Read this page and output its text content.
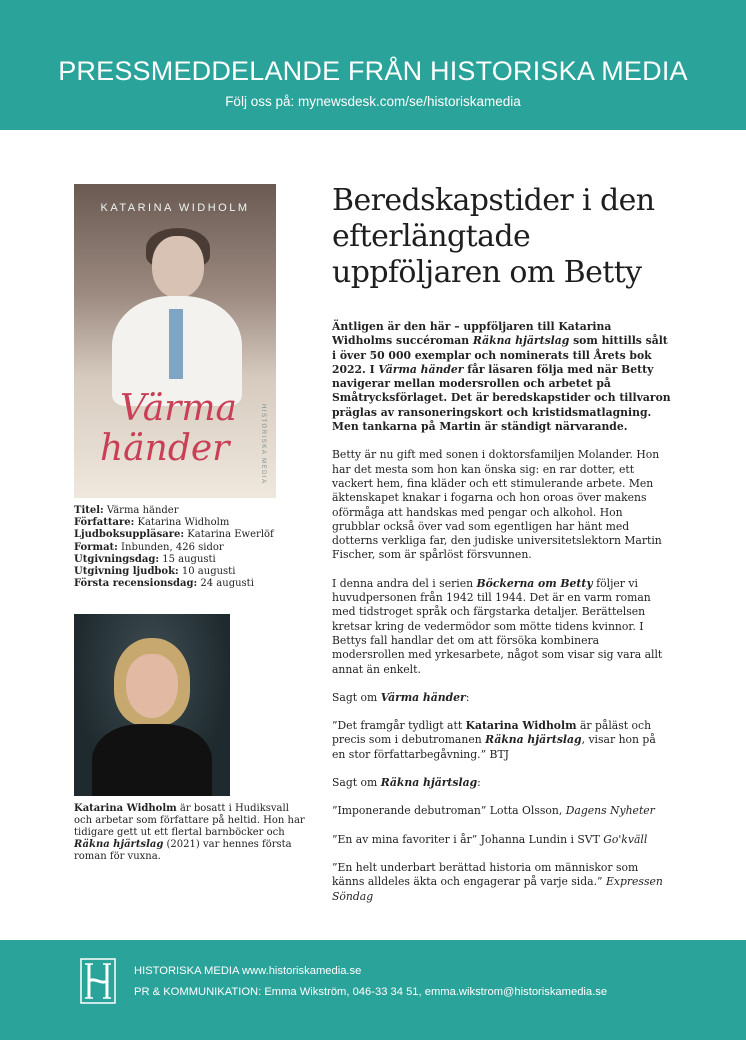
PRESSMEDDELANDE FRÅN HISTORISKA MEDIA
Följ oss på: mynewsdesk.com/se/historiskamedia
KATARINA WIDHOLM
Värma
händer	HISTORISKA MEDIA
Titel: Värma händer
Författare: Katarina Widholm
Ljudboksuppläsare: Katarina Ewerlöf
Format: Inbunden, 426 sidor
Utgivningsdag: 15 augusti
Utgivning ljudbok: 10 augusti
Första recensionsdag: 24 augusti
Katarina Widholm är bosatt i Hudiksvall och arbetar som författare på heltid. Hon har tidigare gett ut ett flertal barnböcker och Räkna hjärtslag (2021) var hennes första roman för vuxna.
Beredskapstider i den efterlängtade uppföljaren om Betty

Äntligen är den här – uppföljaren till Katarina Widholms succéroman Räkna hjärtslag som hittills sålt i över 50 000 exemplar och nominerats till Årets bok 2022. I Värma händer får läsaren följa med när Betty navigerar mellan modersrollen och arbetet på Småtrycksförlaget. Det är beredskapstider och tillvaron präglas av ransoneringskort och kristidsmatlagning. Men tankarna på Martin är ständigt närvarande.

Betty är nu gift med sonen i doktorsfamiljen Molander. Hon har det mesta som hon kan önska sig: en rar dotter, ett vackert hem, fina kläder och ett stimulerande arbete. Men äktenskapet knakar i fogarna och hon oroas över makens oförmåga att handskas med pengar och alkohol. Hon grubblar också över vad som egentligen har hänt med dotterns verkliga far, den judiske universitetslektorn Martin Fischer, som är spårlöst försvunnen.

I denna andra del i serien Böckerna om Betty följer vi huvudpersonen från 1942 till 1944. Det är en varm roman med tidstroget språk och färgstarka detaljer. Berättelsen kretsar kring de vedermödor som mötte tidens kvinnor. I Bettys fall handlar det om att försöka kombinera modersrollen med yrkesarbete, något som visar sig vara allt annat än enkelt.

Sagt om Värma händer:

”Det framgår tydligt att Katarina Widholm är påläst och precis som i debutromanen Räkna hjärtslag, visar hon på en stor författarbegåvning.” BTJ

Sagt om Räkna hjärtslag:

”Imponerande debutroman” Lotta Olsson, Dagens Nyheter

”En av mina favoriter i år” Johanna Lundin i SVT Go'kväll

”En helt underbart berättad historia om människor som känns alldeles äkta och engagerar på varje sida.” Expressen Söndag

HISTORISKA MEDIA www.historiskamedia.se
PR & KOMMUNIKATION: Emma Wikström, 046-33 34 51, emma.wikstrom@historiskamedia.se
